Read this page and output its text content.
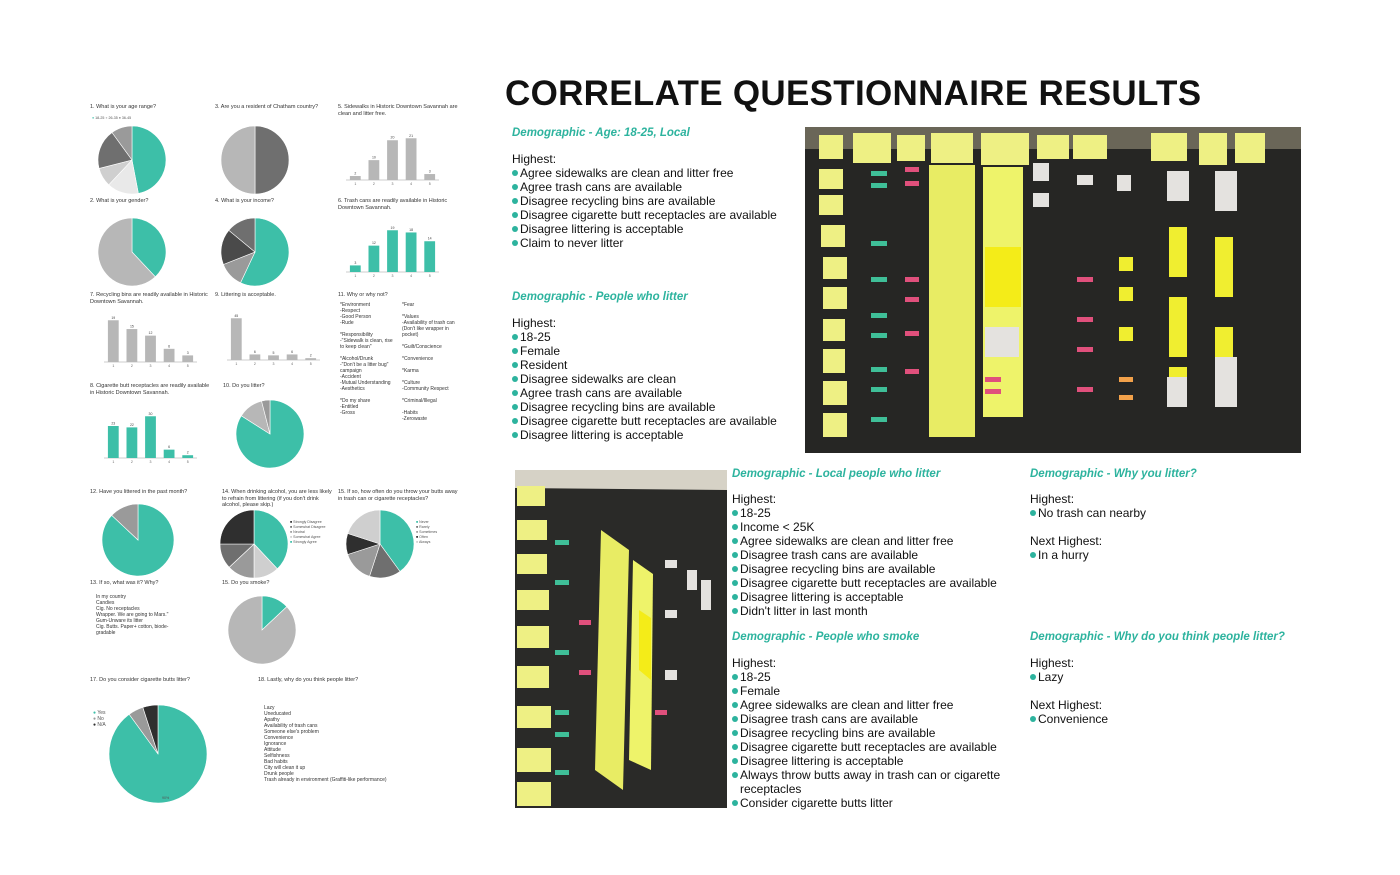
1. What is your age range?
● 18-25 ● 26-35 ● 36-45
3. Are you a resident of Chatham country?	5. Sidewalks in Historic Downtown Savannah are clean and litter free.
2
1
10
2
20
3
21
4
3
5
2. What is your gender?	4. What is your income?	6. Trash cans are readily available in Historic Downtown Savannah.
3
1
12
2
19
3
18
4
14
5
7. Recycling bins are readily available in Historic Downtown Savannah.
19
1
15
2
12
3
6
4
3
5
9. Littering is acceptable.
45
1
6
2
5
3
6
4
2
5
11. Why or why not?
*Environment
-Respect
-Good Person
-Rude

*Responsibility
-"Sidewalk is clean, rise to keep clean"

*Alcohol/Drunk
-"Don't be a litter bug" campaign
-Accident
-Mutual Understanding
-Aesthetics

*Do my share
-Entitled
-Gross
*Fear

*Values
-Availability of trash can (Don't like wrapper in pocket)

*Guilt/Conscience

*Convenience

*Karma

*Culture
-Community Respect

*Criminal/Illegal

-Habits
-Zerowaste
8. Cigarette butt receptacles are readily available in Historic Downtown Savannah.
23
1
22
2
30
3
6
4
2
5
10. Do you litter?
12. Have you littered in the past month?	14. When drinking alcohol, you are less likely to refrain from littering (if you don't drink alcohol, please skip.)
■ Strongly Disagree
■ Somewhat Disagree
■ Neutral
■ Somewhat Agree
■ Strongly Agree
15. If so, how often do you throw your butts away in trash can or cigarette receptacles?
■ Never
■ Rarely
■ Sometimes
■ Often
■ Always
13. If so, what was it? Why?
In my country
Candies
Cig. No receptacles
Wrapper. We are going to Mars."
Gum-Unware its litter
Cig. Butts. Paper+ cotton, biode-
gradable
15. Do you smoke?
17. Do you consider cigarette butts litter?
● Yes
● No
● N/A
90%
18. Lastly, why do you think people litter?
Lazy
Uneducated
Apathy
Availability of trash cans
Someone else's problem
Convenience
Ignorance
Attitude
Selfishness
Bad habits
City will clean it up
Drunk people
Trash already in environment (Graffiti-like performance)
CORRELATE QUESTIONNAIRE RESULTS
Demographic - Age: 18-25, Local
Highest:
Agree sidewalks are clean and litter free
Agree trash cans are available
Disagree recycling bins are available
Disagree cigarette butt receptacles are available
Disagree littering is acceptable
Claim to never litter
Demographic - People who litter
Highest:
18-25
Female
Resident
Disagree sidewalks are clean
Agree trash cans are available
Disagree recycling bins are available
Disagree cigarette butt receptacles are available
Disagree littering is acceptable
Demographic - Local people who litter
Highest:
18-25
Income < 25K
Agree sidewalks are clean and litter free
Disagree trash cans are available
Disagree recycling bins are available
Disagree cigarette butt receptacles are available
Disagree littering is acceptable
Didn't litter in last month
Demographic - People who smoke
Highest:
18-25
Female
Agree sidewalks are clean and litter free
Disagree trash cans are available
Disagree recycling bins are available
Disagree cigarette butt receptacles are available
Disagree littering is acceptable
Always throw butts away in trash can or cigarette receptacles
Consider cigarette butts litter
Demographic - Why you litter?
Highest:
No trash can nearby
Next Highest:
In a hurry
Demographic - Why do you think people litter?
Highest:
Lazy
Next Highest:
Convenience
